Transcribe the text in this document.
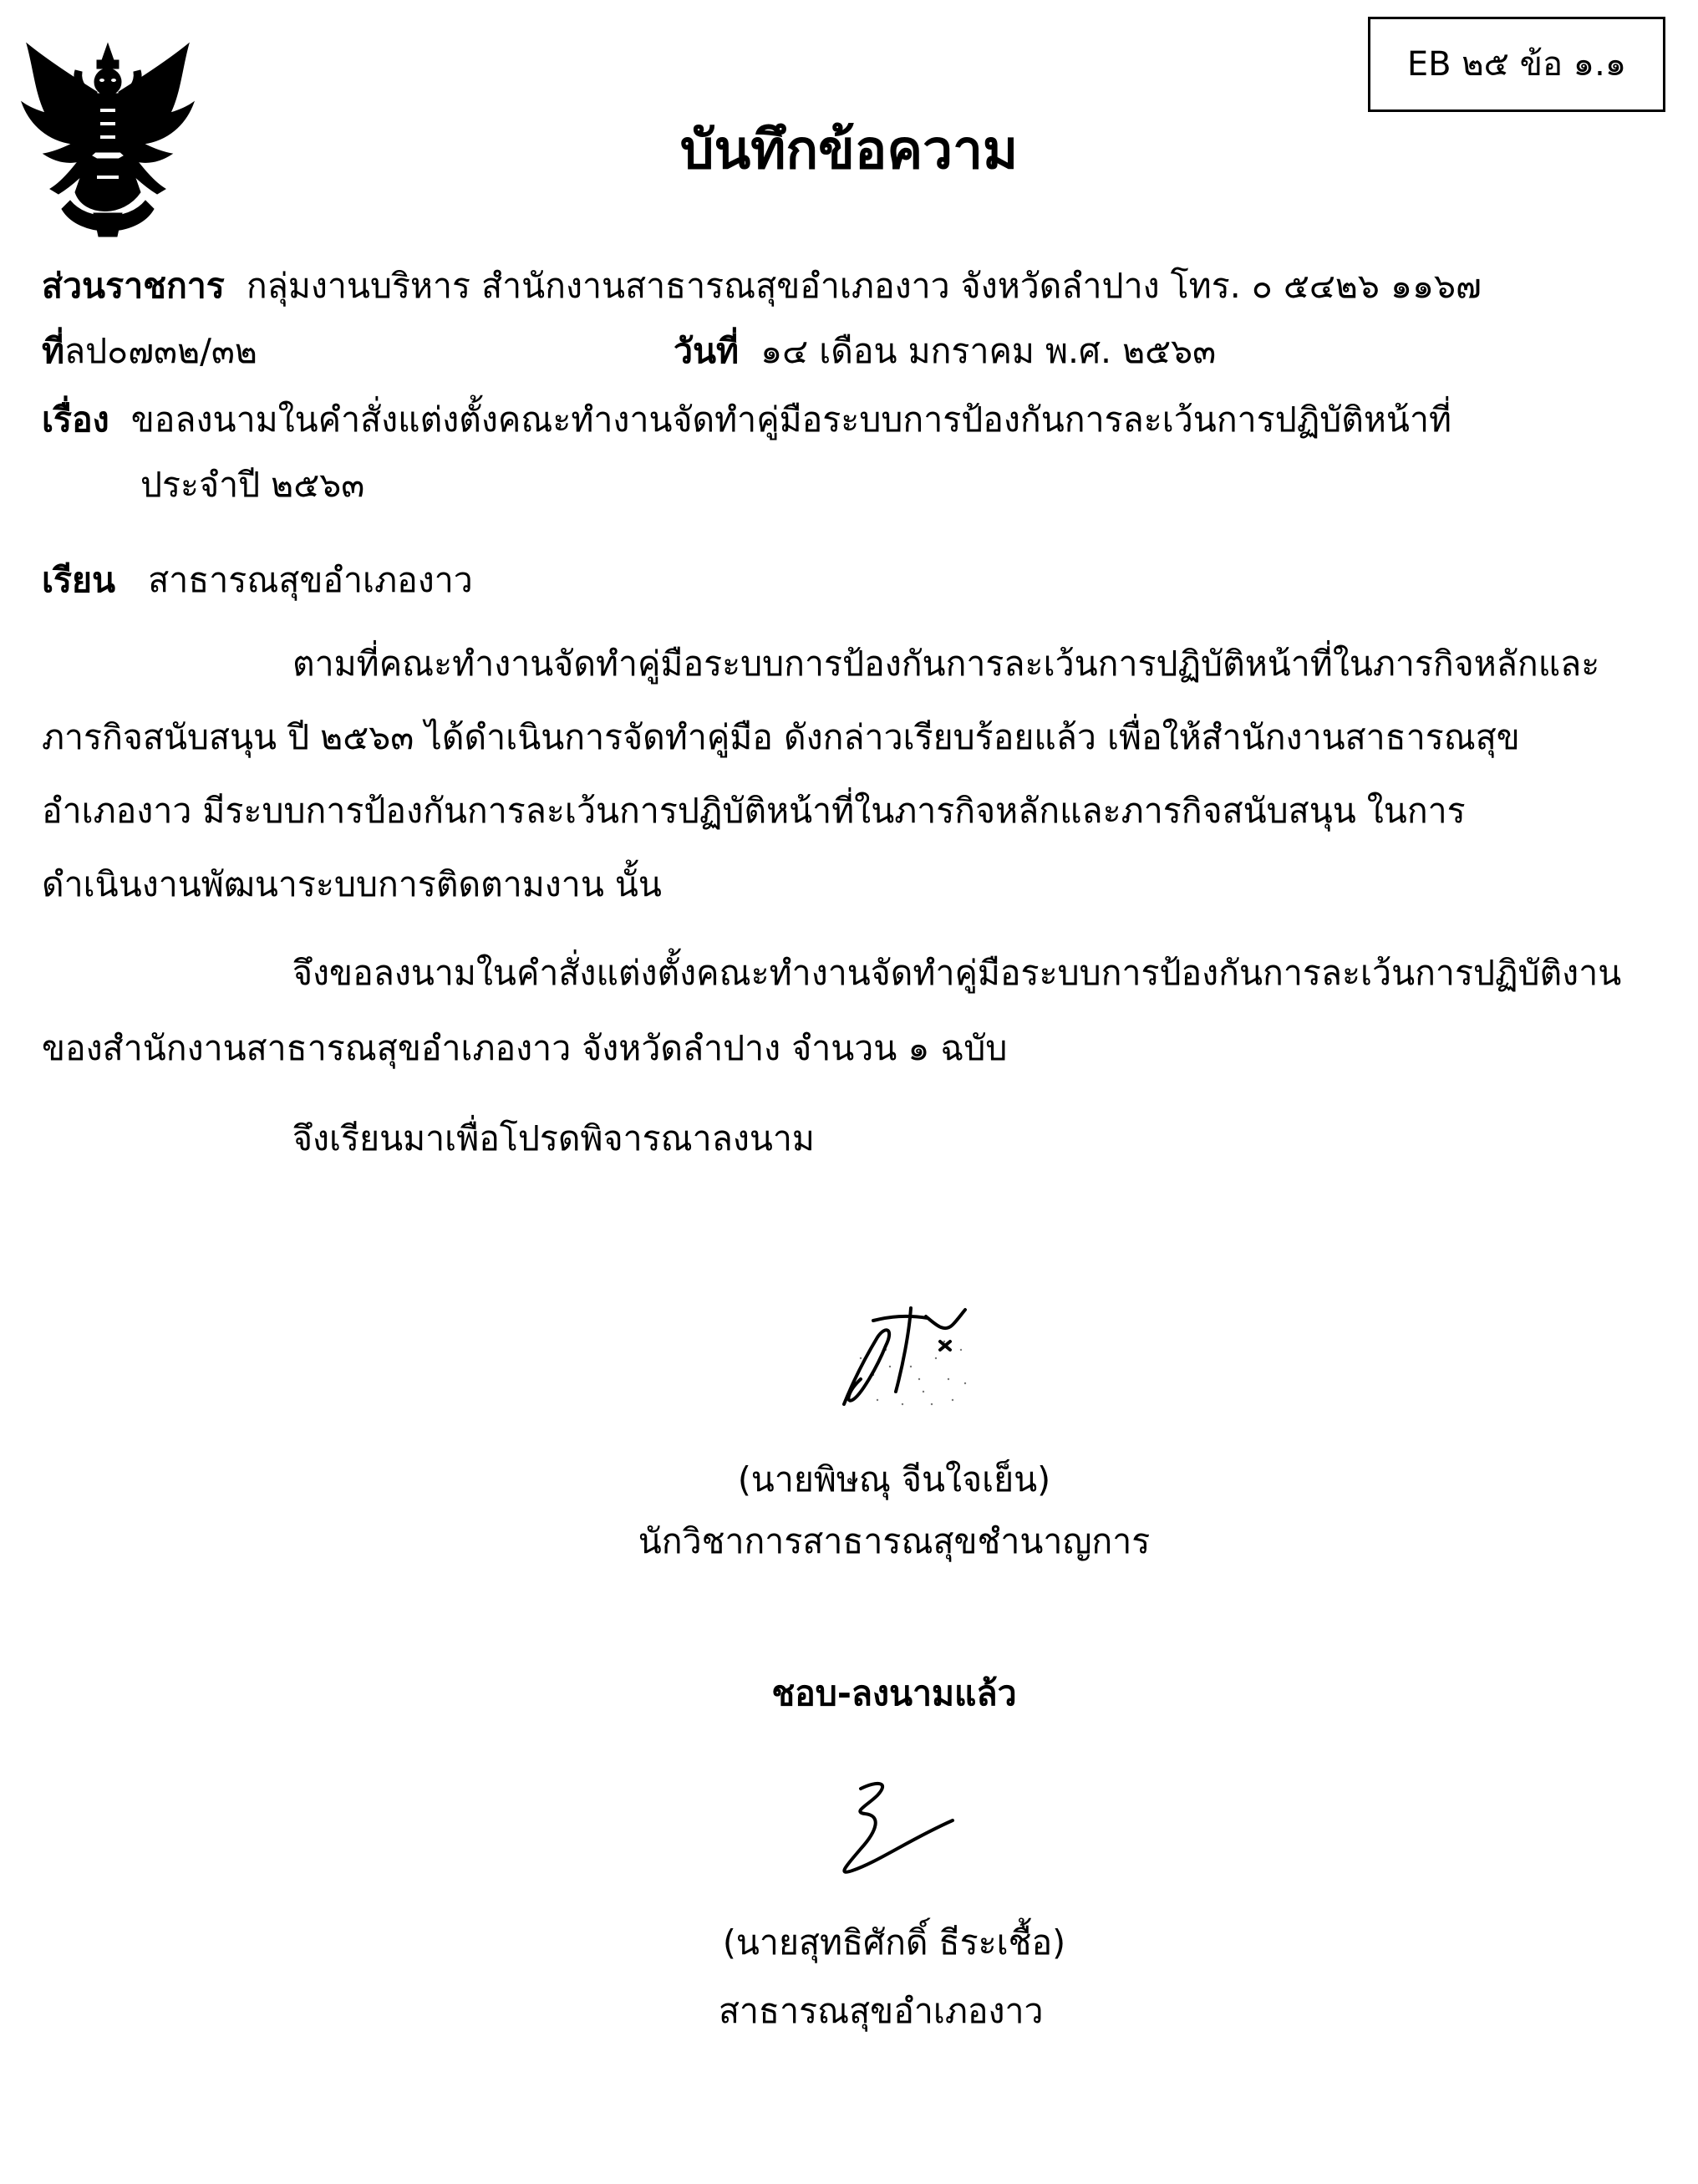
EB ๒๕ ข้อ ๑.๑
บันทึกข้อความ
ส่วนราชการ กลุ่มงานบริหาร สำนักงานสาธารณสุขอำเภองาว จังหวัดลำปาง โทร. ๐ ๕๔๒๖ ๑๑๖๗
ที่ลป๐๗๓๒/๓๒	วันที่ ๑๔ เดือน มกราคม พ.ศ. ๒๕๖๓
เรื่อง ขอลงนามในคำสั่งแต่งตั้งคณะทำงานจัดทำคู่มือระบบการป้องกันการละเว้นการปฏิบัติหน้าที่
ประจำปี ๒๕๖๓
เรียน สาธารณสุขอำเภองาว
ตามที่คณะทำงานจัดทำคู่มือระบบการป้องกันการละเว้นการปฏิบัติหน้าที่ในภารกิจหลักและ
ภารกิจสนับสนุน ปี ๒๕๖๓ ได้ดำเนินการจัดทำคู่มือ ดังกล่าวเรียบร้อยแล้ว เพื่อให้สำนักงานสาธารณสุข
อำเภองาว มีระบบการป้องกันการละเว้นการปฏิบัติหน้าที่ในภารกิจหลักและภารกิจสนับสนุน ในการ
ดำเนินงานพัฒนาระบบการติดตามงาน นั้น
จึงขอลงนามในคำสั่งแต่งตั้งคณะทำงานจัดทำคู่มือระบบการป้องกันการละเว้นการปฏิบัติงาน
ของสำนักงานสาธารณสุขอำเภองาว จังหวัดลำปาง จำนวน ๑ ฉบับ
จึงเรียนมาเพื่อโปรดพิจารณาลงนาม
(นายพิษณุ จีนใจเย็น)
นักวิชาการสาธารณสุขชำนาญการ
ชอบ-ลงนามแล้ว
(นายสุทธิศักดิ์ ธีระเชื้อ)
สาธารณสุขอำเภองาว
